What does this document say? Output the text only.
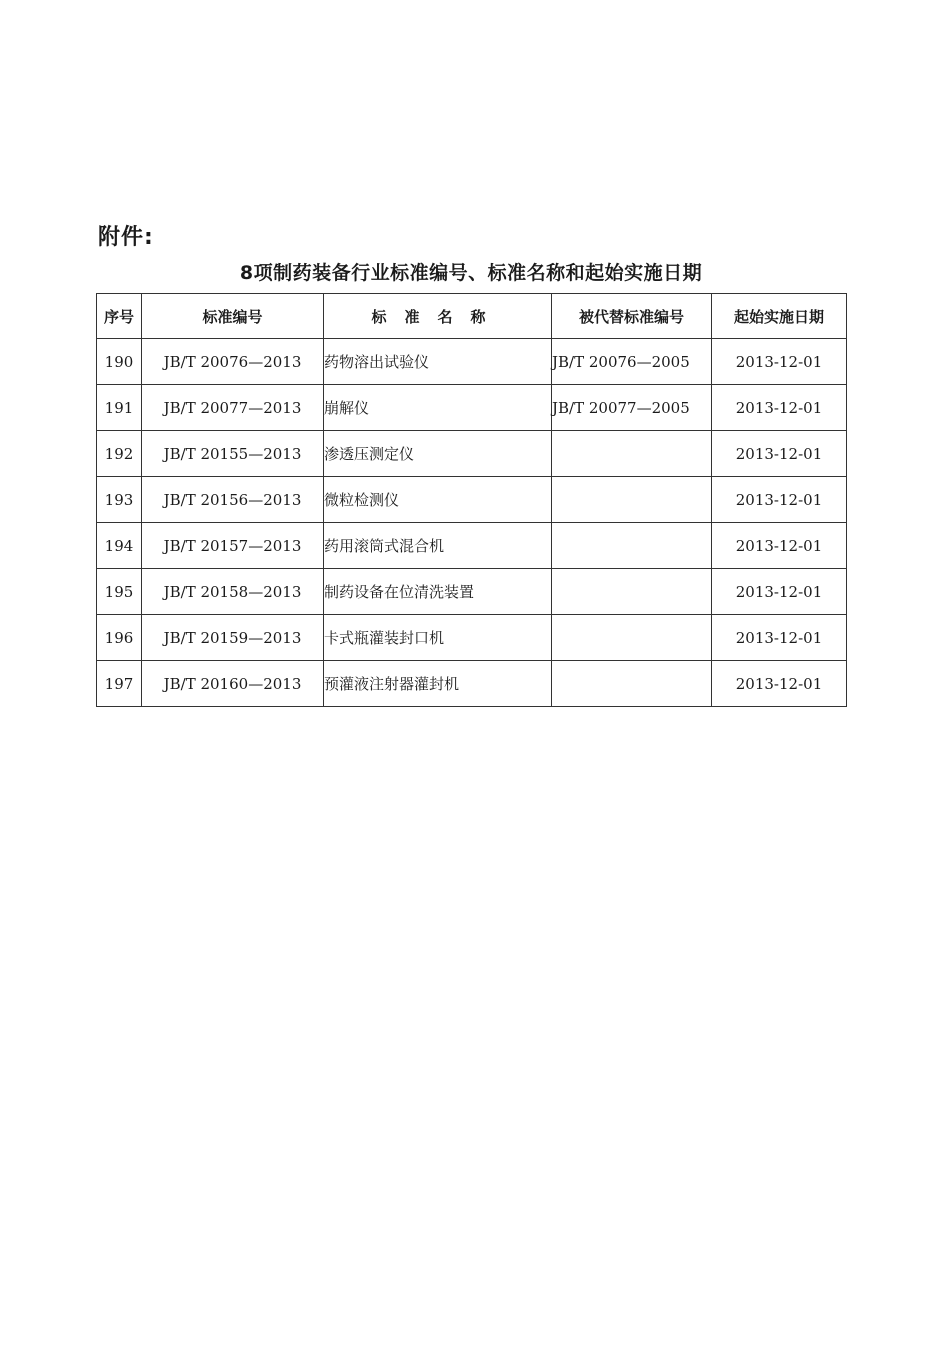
附件:
8项制药装备行业标准编号、标准名称和起始实施日期
序号	标准编号	标准名称	被代替标准编号	起始实施日期
190	JB/T 20076—2013	药物溶出试验仪	JB/T 20076—2005	2013-12-01
191	JB/T 20077—2013	崩解仪	JB/T 20077—2005	2013-12-01
192	JB/T 20155—2013	渗透压测定仪		2013-12-01
193	JB/T 20156—2013	微粒检测仪		2013-12-01
194	JB/T 20157—2013	药用滚筒式混合机		2013-12-01
195	JB/T 20158—2013	制药设备在位清洗装置		2013-12-01
196	JB/T 20159—2013	卡式瓶灌装封口机		2013-12-01
197	JB/T 20160—2013	预灌液注射器灌封机		2013-12-01
